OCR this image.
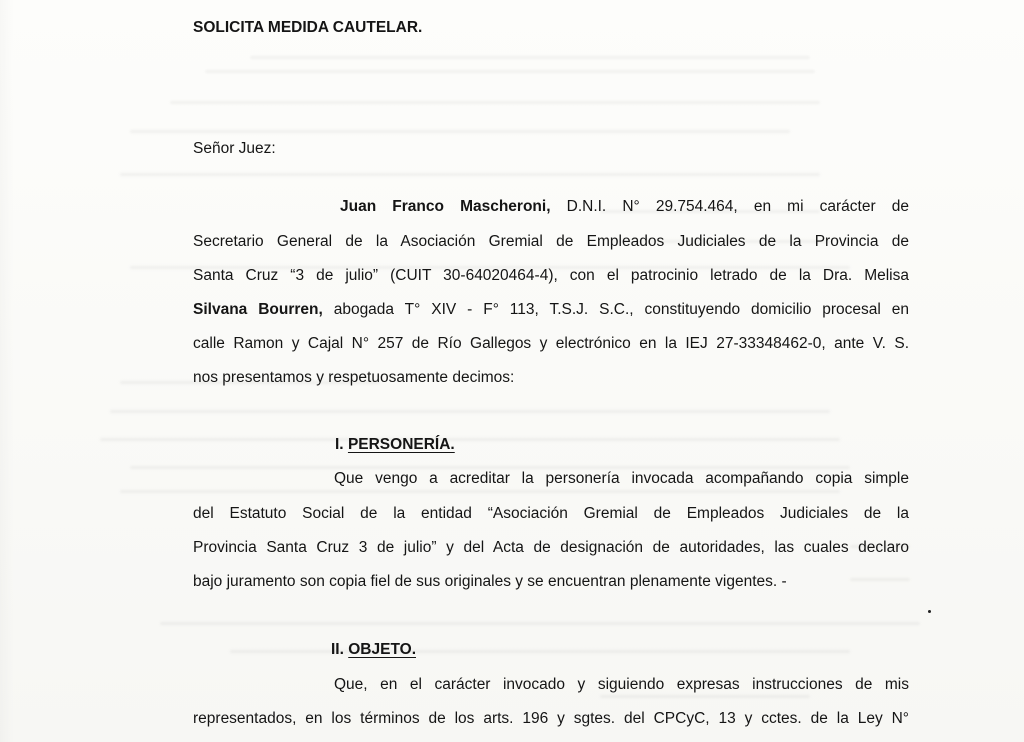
SOLICITA MEDIDA CAUTELAR.
Señor Juez:
Juan Franco Mascheroni, D.N.I. N° 29.754.464, en mi carácter de
Secretario General de la Asociación Gremial de Empleados Judiciales de la Provincia de
Santa Cruz “3 de julio” (CUIT 30-64020464-4), con el patrocinio letrado de la Dra. Melisa
Silvana Bourren, abogada T° XIV - F° 113, T.S.J. S.C., constituyendo domicilio procesal en
calle Ramon y Cajal N° 257 de Río Gallegos y electrónico en la IEJ 27-33348462-0, ante V. S.
nos presentamos y respetuosamente decimos:
I. PERSONERÍA.
Que vengo a acreditar la personería invocada acompañando copia simple
del Estatuto Social de la entidad “Asociación Gremial de Empleados Judiciales de la
Provincia Santa Cruz 3 de julio” y del Acta de designación de autoridades, las cuales declaro
bajo juramento son copia fiel de sus originales y se encuentran plenamente vigentes. -
II. OBJETO.
Que, en el carácter invocado y siguiendo expresas instrucciones de mis
representados, en los términos de los arts. 196 y sgtes. del CPCyC, 13 y cctes. de la Ley N°
